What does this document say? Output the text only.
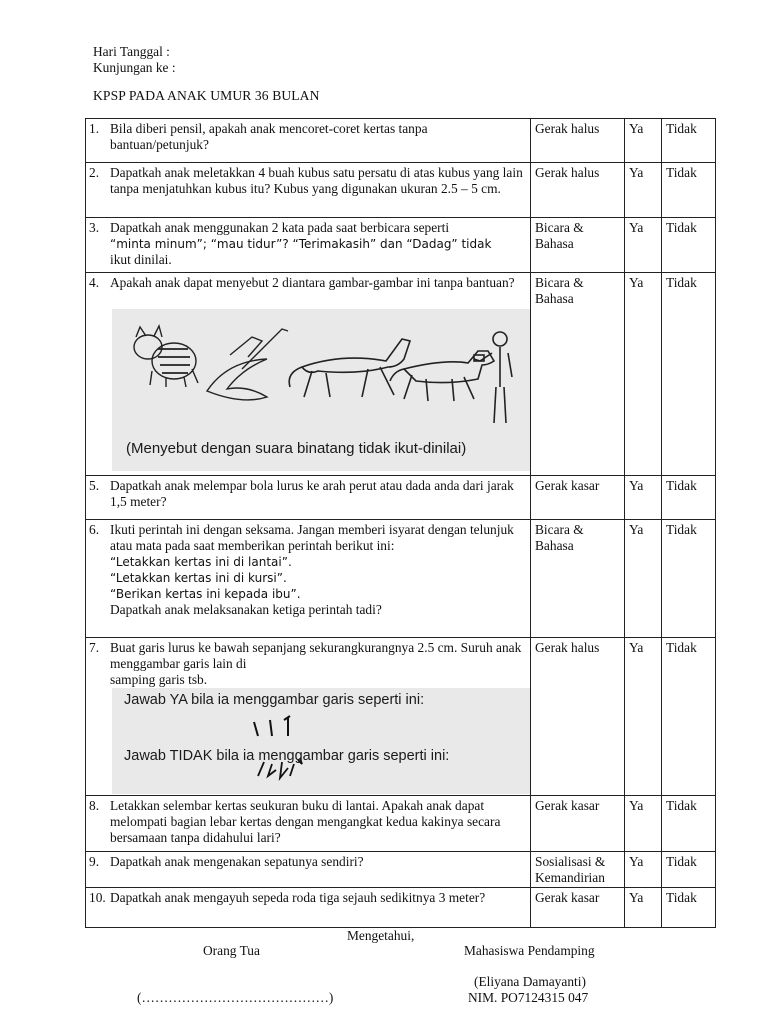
Hari Tanggal :
Kunjungan ke :
KPSP PADA ANAK UMUR 36 BULAN
1. Bila diberi pensil, apakah anak mencoret-coret kertas tanpa bantuan/petunjuk?	Gerak halus	Ya	Tidak
2. Dapatkah anak meletakkan 4 buah kubus satu persatu di atas kubus yang lain tanpa menjatuhkan kubus itu? Kubus yang digunakan ukuran 2.5 – 5 cm.	Gerak halus	Ya	Tidak
3. Dapatkah anak menggunakan 2 kata pada saat berbicara seperti
“minta minum”; “mau tidur”? “Terimakasih” dan “Dadag” tidak
ikut dinilai.	Bicara & Bahasa	Ya	Tidak
4. Apakah anak dapat menyebut 2 diantara gambar-gambar ini tanpa bantuan?
(Menyebut dengan suara binatang tidak ikut-dinilai)	Bicara & Bahasa	Ya	Tidak
5. Dapatkah anak melempar bola lurus ke arah perut atau dada anda dari jarak 1,5 meter?	Gerak kasar	Ya	Tidak
6. Ikuti perintah ini dengan seksama. Jangan memberi isyarat dengan telunjuk atau mata pada saat memberikan perintah berikut ini:
“Letakkan kertas ini di lantai”.
“Letakkan kertas ini di kursi”.
“Berikan kertas ini kepada ibu”.
Dapatkah anak melaksanakan ketiga perintah tadi?	Bicara & Bahasa	Ya	Tidak
7. Buat garis lurus ke bawah sepanjang sekurangkurangnya 2.5 cm. Suruh anak menggambar garis lain di
samping garis tsb.
Jawab YA bila ia menggambar garis seperti ini:
Jawab TIDAK bila ia menggambar garis seperti ini:	Gerak halus	Ya	Tidak
8. Letakkan selembar kertas seukuran buku di lantai. Apakah anak dapat melompati bagian lebar kertas dengan mengangkat kedua kakinya secara bersamaan tanpa didahului lari?	Gerak kasar	Ya	Tidak
9. Dapatkah anak mengenakan sepatunya sendiri?	Sosialisasi & Kemandirian	Ya	Tidak
10. Dapatkah anak mengayuh sepeda roda tiga sejauh sedikitnya 3 meter?	Gerak kasar	Ya	Tidak
Mengetahui,
Orang Tua	Mahasiswa Pendamping
(Eliyana Damayanti)
(……………………………………)	NIM. PO7124315 047
